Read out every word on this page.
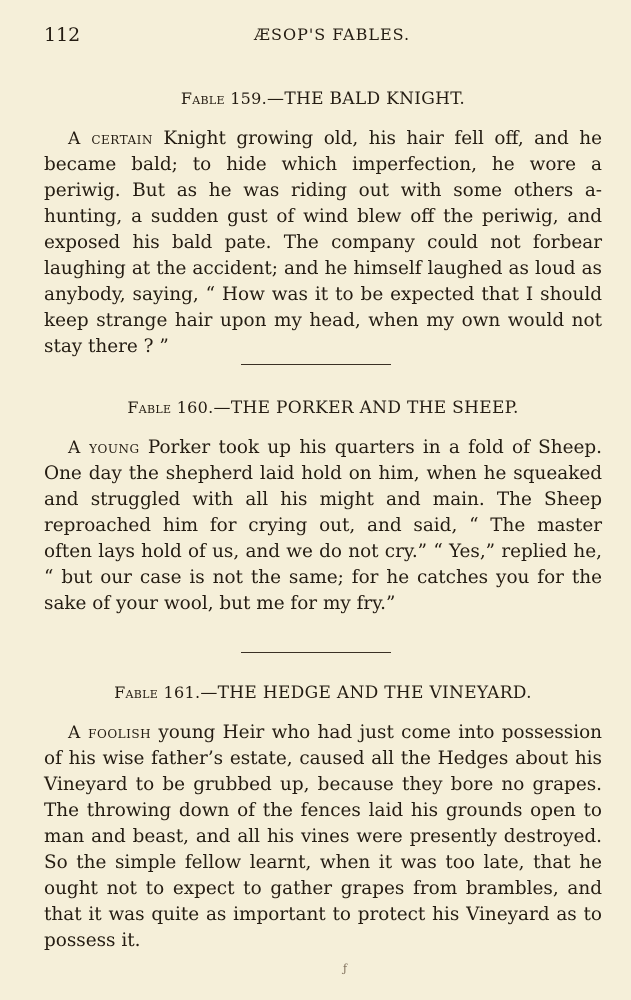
112	ÆSOP'S FABLES.
Fable 159.—THE BALD KNIGHT.

A certain Knight growing old, his hair fell off, and he became bald; to hide which imperfection, he wore a periwig. But as he was riding out with some others a-hunting, a sudden gust of wind blew off the periwig, and exposed his bald pate. The company could not forbear laughing at the accident; and he himself laughed as loud as anybody, saying, “ How was it to be expected that I should keep strange hair upon my head, when my own would not stay there ? ”

Fable 160.—THE PORKER AND THE SHEEP.

A young Porker took up his quarters in a fold of Sheep. One day the shepherd laid hold on him, when he squeaked and struggled with all his might and main. The Sheep reproached him for crying out, and said, “ The master often lays hold of us, and we do not cry.” “ Yes,” replied he, “ but our case is not the same; for he catches you for the sake of your wool, but me for my fry.”

Fable 161.—THE HEDGE AND THE VINEYARD.

A foolish young Heir who had just come into possession of his wise father’s estate, caused all the Hedges about his Vineyard to be grubbed up, because they bore no grapes. The throwing down of the fences laid his grounds open to man and beast, and all his vines were presently destroyed. So the simple fellow learnt, when it was too late, that he ought not to expect to gather grapes from brambles, and that it was quite as important to protect his Vineyard as to possess it.

ƒ
